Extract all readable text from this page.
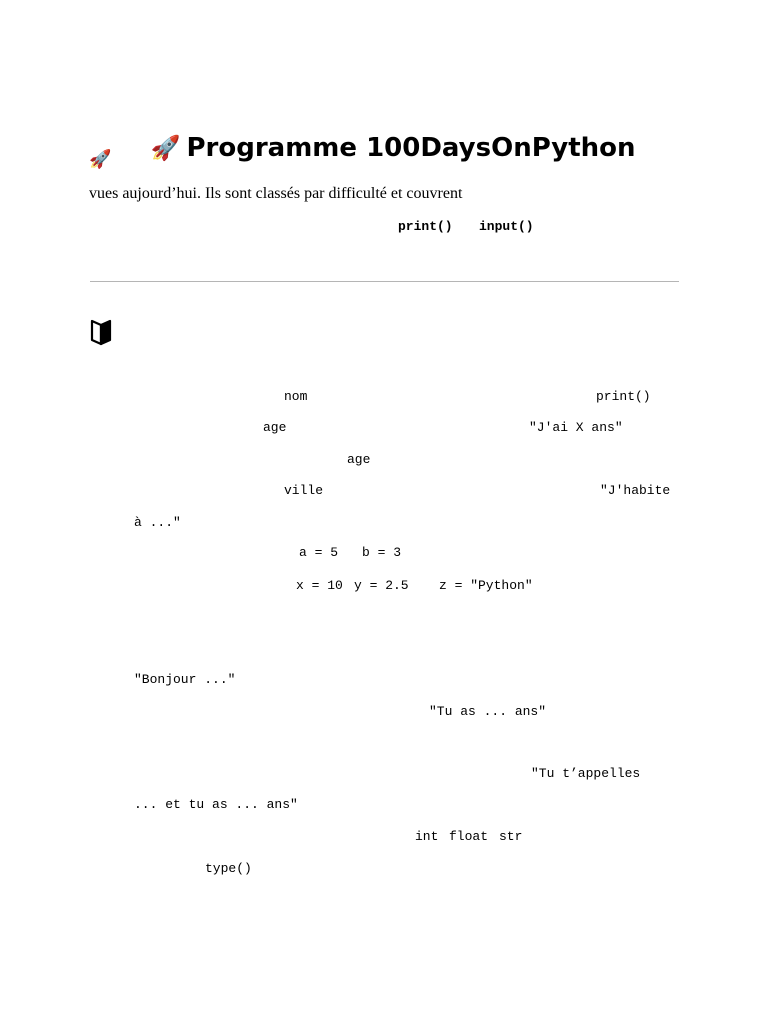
🚀 Programme 100DaysOnPython

🚀
vues aujourd’hui. Ils sont classés par difficulté et couvrent
print() input()
nom	print()
age	"J'ai X ans"
age
ville	"J'habite
à ..."
a = 5 b = 3
x = 10 y = 2.5 z = "Python"
"Bonjour ..."
"Tu as ... ans"
"Tu t’appelles
... et tu as ... ans"
int float str
type()
